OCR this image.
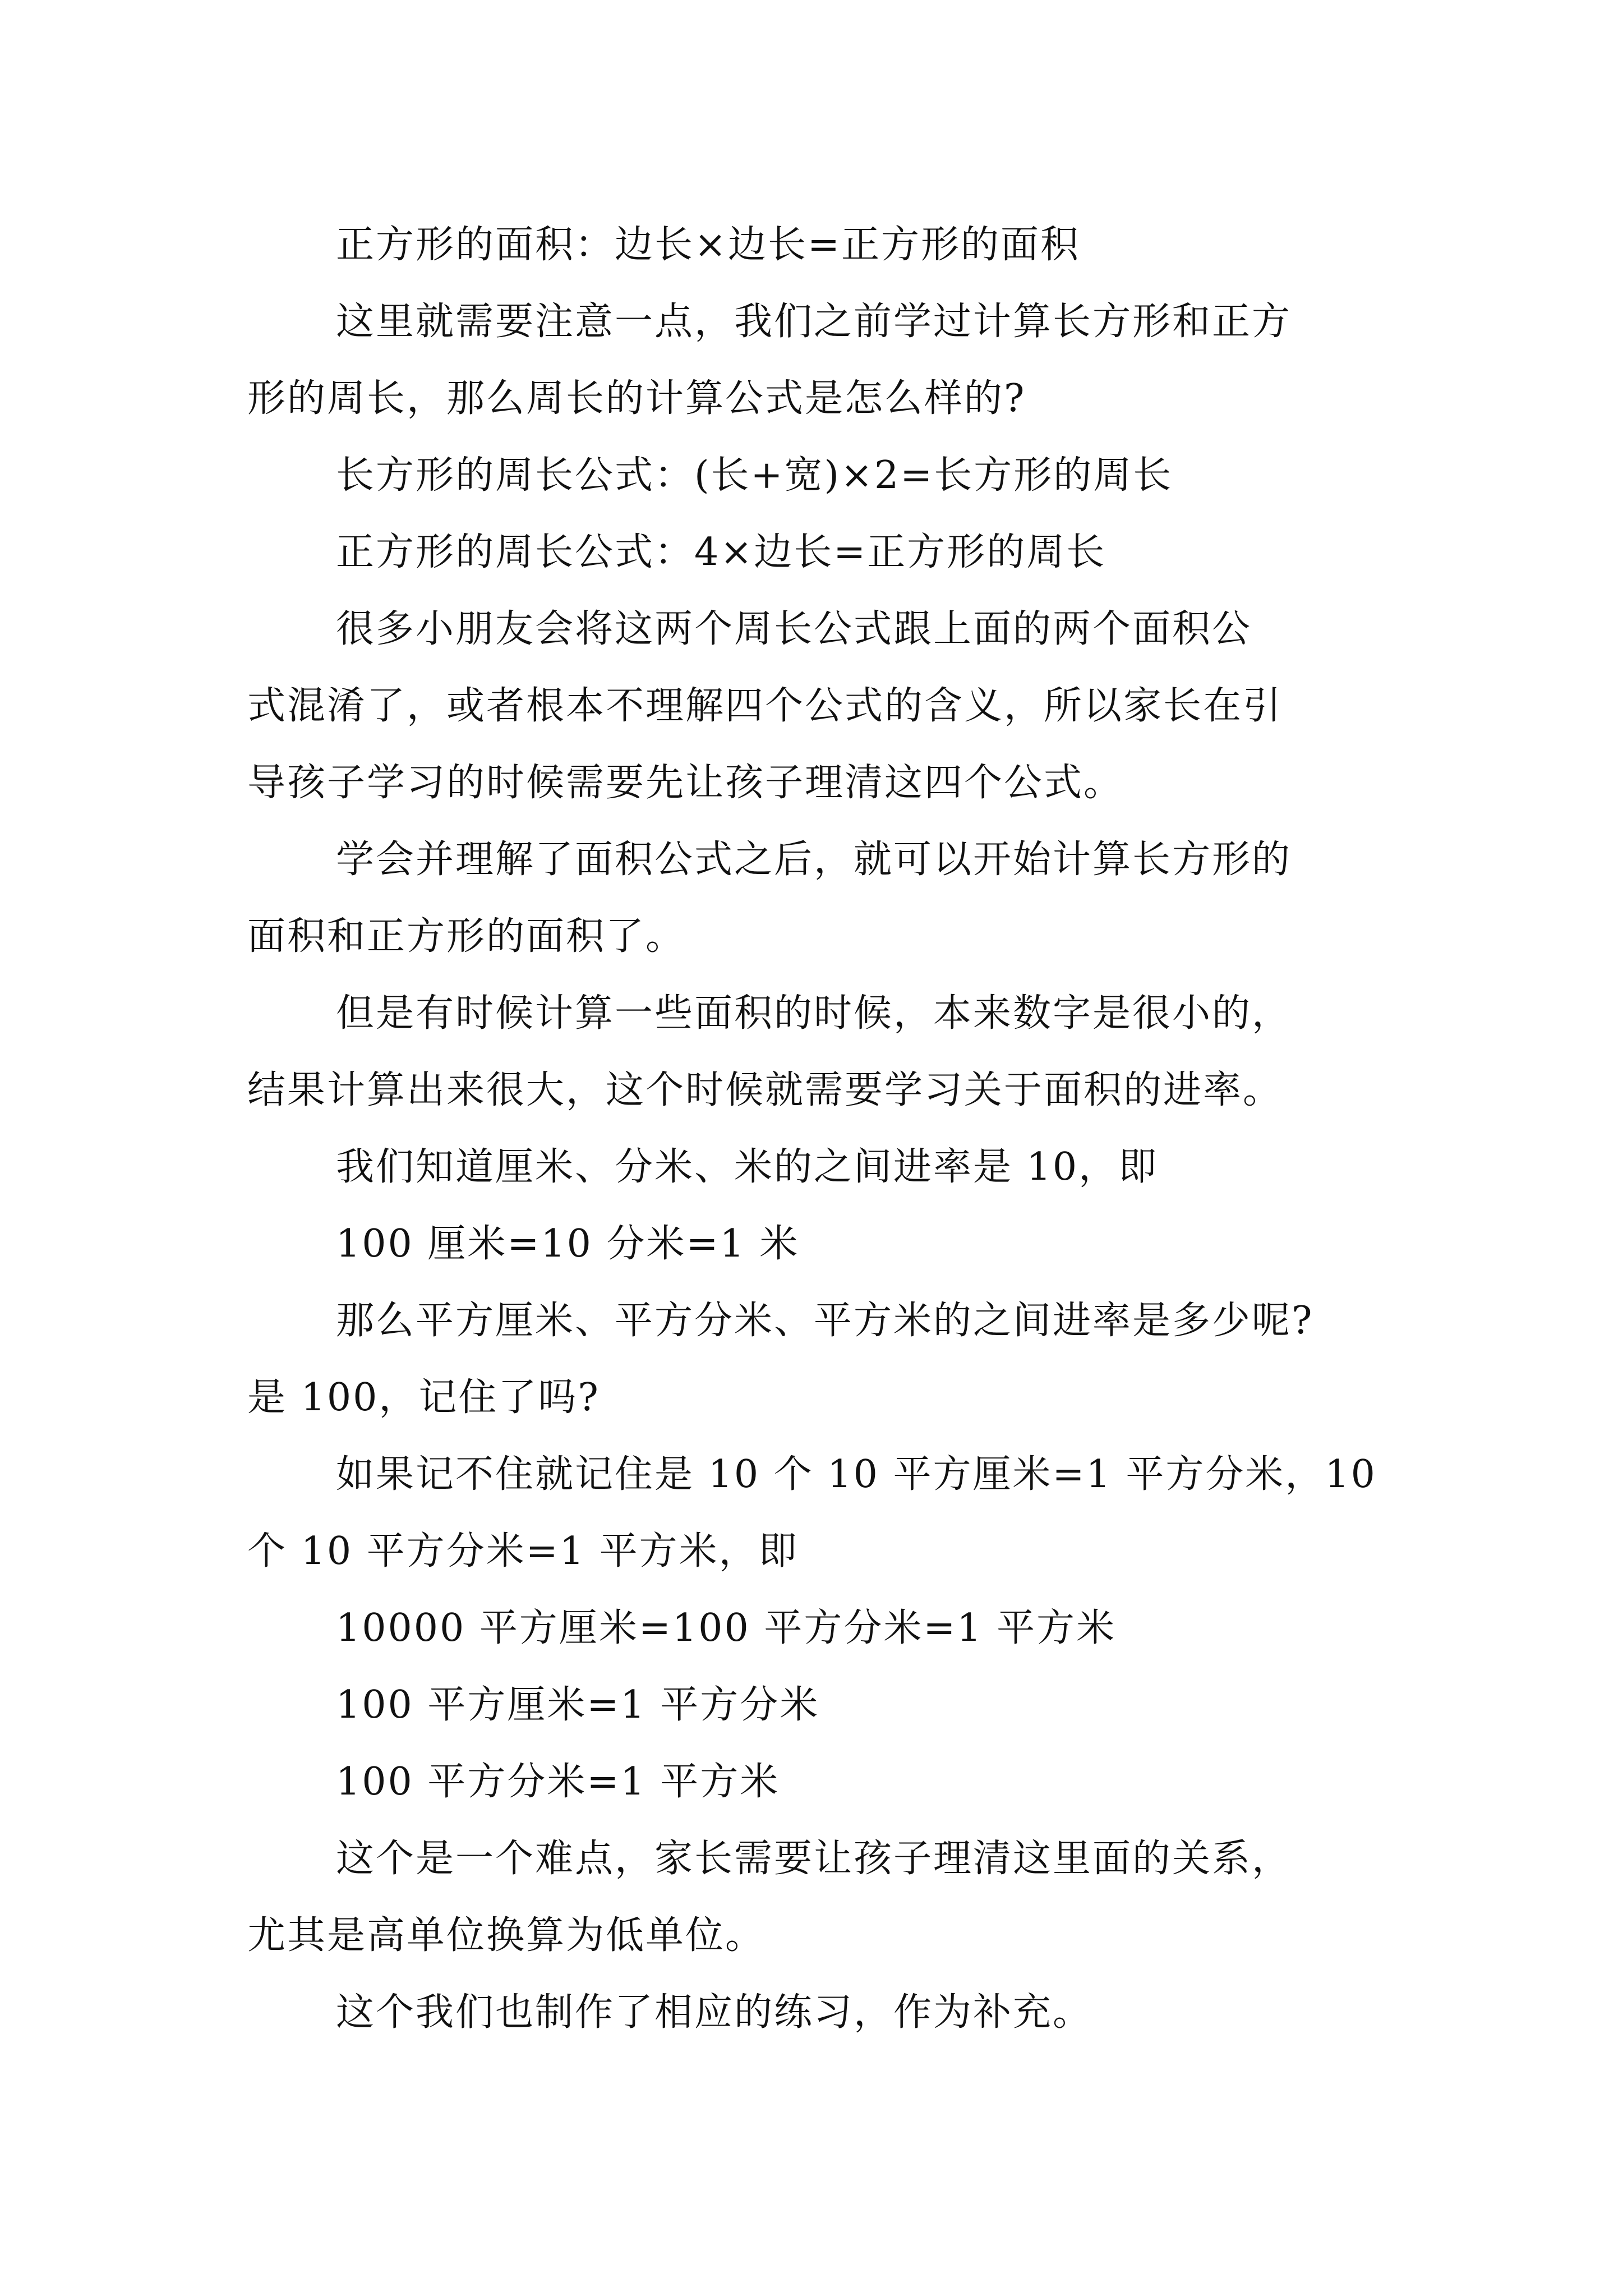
正方形的面积：边长×边长=正方形的面积
这里就需要注意一点，我们之前学过计算长方形和正方
形的周长，那么周长的计算公式是怎么样的?
长方形的周长公式：(长+宽)×2=长方形的周长
正方形的周长公式：4×边长=正方形的周长
很多小朋友会将这两个周长公式跟上面的两个面积公
式混淆了，或者根本不理解四个公式的含义，所以家长在引
导孩子学习的时候需要先让孩子理清这四个公式。
学会并理解了面积公式之后，就可以开始计算长方形的
面积和正方形的面积了。
但是有时候计算一些面积的时候，本来数字是很小的，
结果计算出来很大，这个时候就需要学习关于面积的进率。
我们知道厘米、分米、米的之间进率是 10，即
100 厘米=10 分米=1 米
那么平方厘米、平方分米、平方米的之间进率是多少呢?
是 100，记住了吗?
如果记不住就记住是 10 个 10 平方厘米=1 平方分米，10
个 10 平方分米=1 平方米，即
10000 平方厘米=100 平方分米=1 平方米
100 平方厘米=1 平方分米
100 平方分米=1 平方米
这个是一个难点，家长需要让孩子理清这里面的关系，
尤其是高单位换算为低单位。
这个我们也制作了相应的练习，作为补充。
